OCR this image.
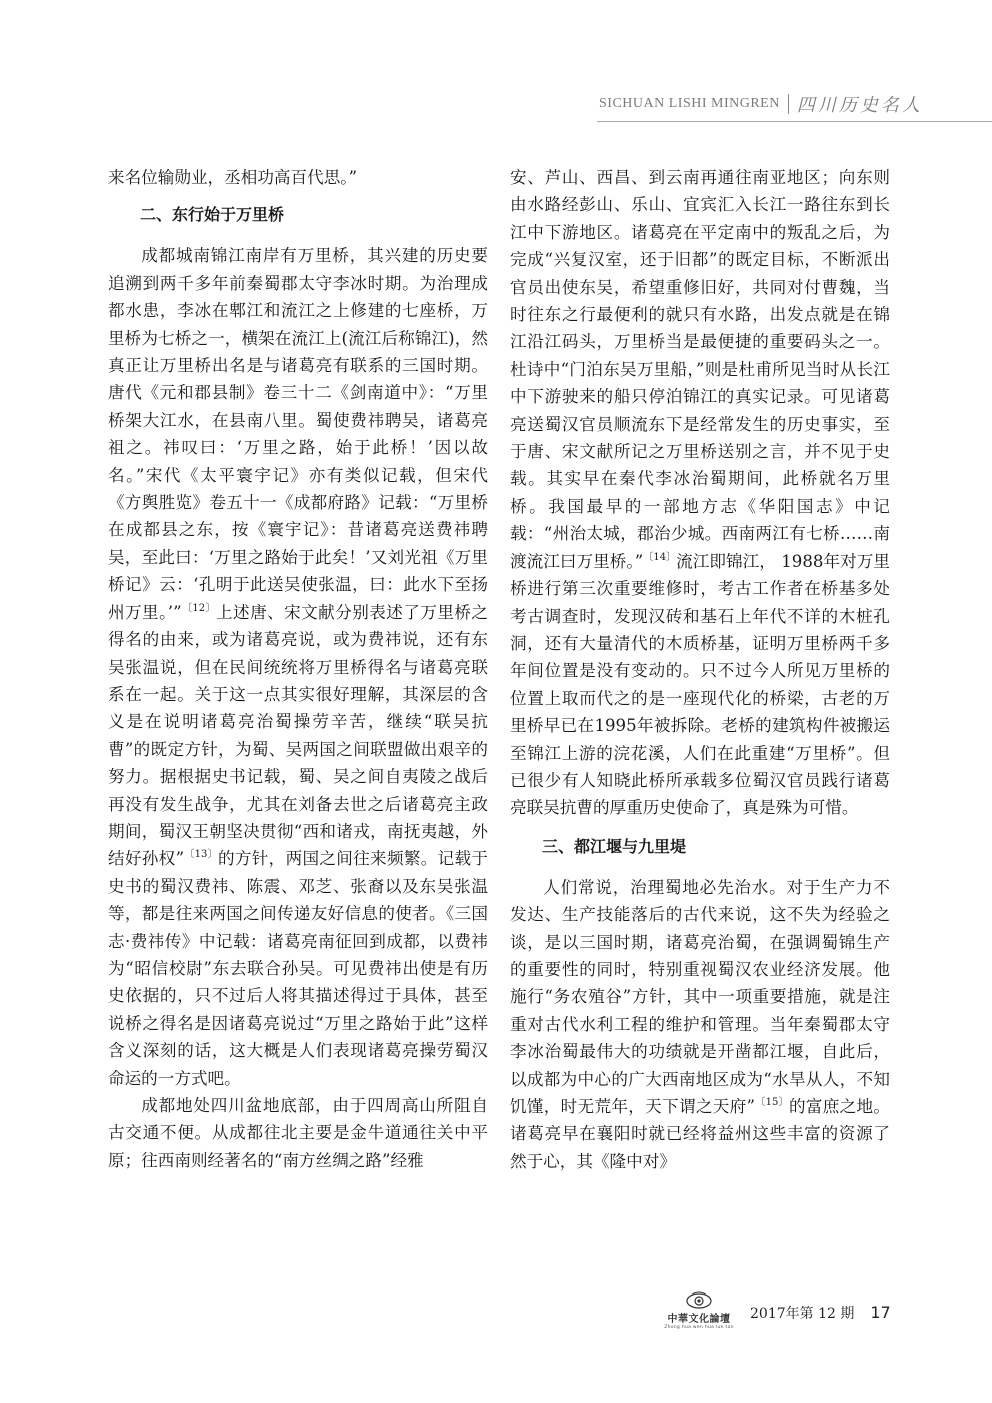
SICHUAN LISHI MINGREN 四川历史名人

来名位输勋业，丞相功高百代思。”

二、东行始于万里桥

成都城南锦江南岸有万里桥，其兴建的历史要追溯到两千多年前秦蜀郡太守李冰时期。为治理成都水患，李冰在郫江和流江之上修建的七座桥，万里桥为七桥之一，横架在流江上(流江后称锦江)，然真正让万里桥出名是与诸葛亮有联系的三国时期。唐代《元和郡县制》卷三十二《剑南道中》：“万里桥架大江水，在县南八里。蜀使费祎聘吴，诸葛亮祖之。祎叹曰：‘万里之路，始于此桥！’因以故名。”宋代《太平寰宇记》亦有类似记载，但宋代《方舆胜览》卷五十一《成都府路》记载：“万里桥在成都县之东，按《寰宇记》：昔诸葛亮送费祎聘吴，至此曰：‘万里之路始于此矣！’又刘光祖《万里桥记》云：‘孔明于此送吴使张温，曰：此水下至扬州万里。’”$^{〔12〕}$上述唐、宋文献分别表述了万里桥之得名的由来，或为诸葛亮说，或为费祎说，还有东吴张温说，但在民间统统将万里桥得名与诸葛亮联系在一起。关于这一点其实很好理解，其深层的含义是在说明诸葛亮治蜀操劳辛苦，继续“联吴抗曹”的既定方针，为蜀、吴两国之间联盟做出艰辛的努力。据根据史书记载，蜀、吴之间自夷陵之战后再没有发生战争，尤其在刘备去世之后诸葛亮主政期间，蜀汉王朝坚决贯彻“西和诸戎，南抚夷越，外结好孙权”$^{〔13〕}$的方针，两国之间往来频繁。记载于史书的蜀汉费祎、陈震、邓芝、张裔以及东吴张温等，都是往来两国之间传递友好信息的使者。《三国志·费祎传》中记载：诸葛亮南征回到成都，以费祎为“昭信校尉”东去联合孙吴。可见费祎出使是有历史依据的，只不过后人将其描述得过于具体，甚至说桥之得名是因诸葛亮说过“万里之路始于此”这样含义深刻的话，这大概是人们表现诸葛亮操劳蜀汉命运的一方式吧。

成都地处四川盆地底部，由于四周高山所阻自古交通不便。从成都往北主要是金牛道通往关中平原；往西南则经著名的“南方丝绸之路”经雅

安、芦山、西昌、到云南再通往南亚地区；向东则由水路经彭山、乐山、宜宾汇入长江一路往东到长江中下游地区。诸葛亮在平定南中的叛乱之后，为完成“兴复汉室，还于旧都”的既定目标，不断派出官员出使东吴，希望重修旧好，共同对付曹魏，当时往东之行最便利的就只有水路，出发点就是在锦江沿江码头，万里桥当是最便捷的重要码头之一。杜诗中“门泊东吴万里船，”则是杜甫所见当时从长江中下游驶来的船只停泊锦江的真实记录。可见诸葛亮送蜀汉官员顺流东下是经常发生的历史事实，至于唐、宋文献所记之万里桥送别之言，并不见于史载。其实早在秦代李冰治蜀期间，此桥就名万里桥。我国最早的一部地方志《华阳国志》中记载：“州治太城，郡治少城。西南两江有七桥……南渡流江曰万里桥。”$^{〔14〕}$流江即锦江， 1988年对万里桥进行第三次重要维修时，考古工作者在桥基多处考古调查时，发现汉砖和基石上年代不详的木桩孔洞，还有大量清代的木质桥基，证明万里桥两千多年间位置是没有变动的。只不过今人所见万里桥的位置上取而代之的是一座现代化的桥梁，古老的万里桥早已在1995年被拆除。老桥的建筑构件被搬运至锦江上游的浣花溪，人们在此重建“万里桥”。但已很少有人知晓此桥所承载多位蜀汉官员践行诸葛亮联吴抗曹的厚重历史使命了，真是殊为可惜。

三、都江堰与九里堤

人们常说，治理蜀地必先治水。对于生产力不发达、生产技能落后的古代来说，这不失为经验之谈，是以三国时期，诸葛亮治蜀，在强调蜀锦生产的重要性的同时，特别重视蜀汉农业经济发展。他施行“务农殖谷”方针，其中一项重要措施，就是注重对古代水利工程的维护和管理。当年秦蜀郡太守李冰治蜀最伟大的功绩就是开凿都江堰，自此后，以成都为中心的广大西南地区成为“水旱从人，不知饥馑，时无荒年，天下谓之天府”$^{〔15〕}$的富庶之地。诸葛亮早在襄阳时就已经将益州这些丰富的资源了然于心，其《隆中对》

中華文化論壇
Zhong hua wen hua lun tan
2017年第 12 期 17
